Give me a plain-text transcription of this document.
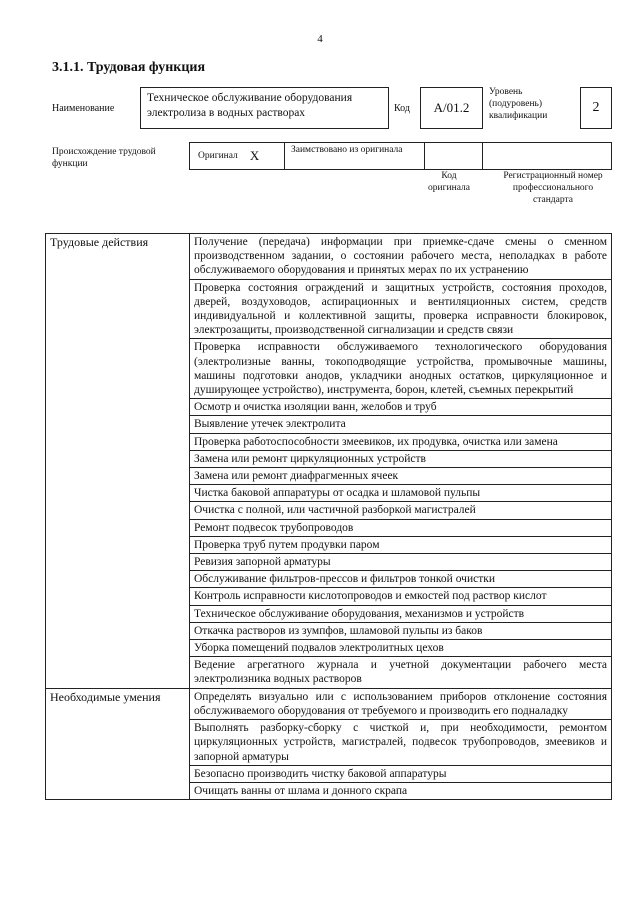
4
3.1.1. Трудовая функция
Наименование
Техническое обслуживание оборудования электролиза в водных растворах	Код	A/01.2
Уровень (подуровень) квалификации
2
Происхождение трудовой функции
Оригинал X	Заимствовано из оригинала
Код оригинала
Регистрационный номер профессионального стандарта
Трудовые действия	Получение (передача) информации при приемке-сдаче смены о сменном производственном задании, о состоянии рабочего места, неполадках в работе обслуживаемого оборудования и принятых мерах по их устранению
	Проверка состояния ограждений и защитных устройств, состояния проходов, дверей, воздуховодов, аспирационных и вентиляционных систем, средств индивидуальной и коллективной защиты, проверка исправности блокировок, электрозащиты, производственной сигнализации и средств связи
	Проверка исправности обслуживаемого технологического оборудования (электролизные ванны, токоподводящие устройства, промывочные машины, машины подготовки анодов, укладчики анодных остатков, циркуляционное и душирующее устройство), инструмента, борон, клетей, съемных перекрытий
	Осмотр и очистка изоляции ванн, желобов и труб
	Выявление утечек электролита
	Проверка работоспособности змеевиков, их продувка, очистка или замена
	Замена или ремонт циркуляционных устройств
	Замена или ремонт диафрагменных ячеек
	Чистка баковой аппаратуры от осадка и шламовой пульпы
	Очистка с полной, или частичной разборкой магистралей
	Ремонт подвесок трубопроводов
	Проверка труб путем продувки паром
	Ревизия запорной арматуры
	Обслуживание фильтров-прессов и фильтров тонкой очистки
	Контроль исправности кислотопроводов и емкостей под раствор кислот
	Техническое обслуживание оборудования, механизмов и устройств
	Откачка растворов из зумпфов, шламовой пульпы из баков
	Уборка помещений подвалов электролитных цехов
	Ведение агрегатного журнала и учетной документации рабочего места электролизника водных растворов
Необходимые умения	Определять визуально или с использованием приборов отклонение состояния обслуживаемого оборудования от требуемого и производить его подналадку
	Выполнять разборку-сборку с чисткой и, при необходимости, ремонтом циркуляционных устройств, магистралей, подвесок трубопроводов, змеевиков и запорной арматуры
	Безопасно производить чистку баковой аппаратуры
	Очищать ванны от шлама и донного скрапа
